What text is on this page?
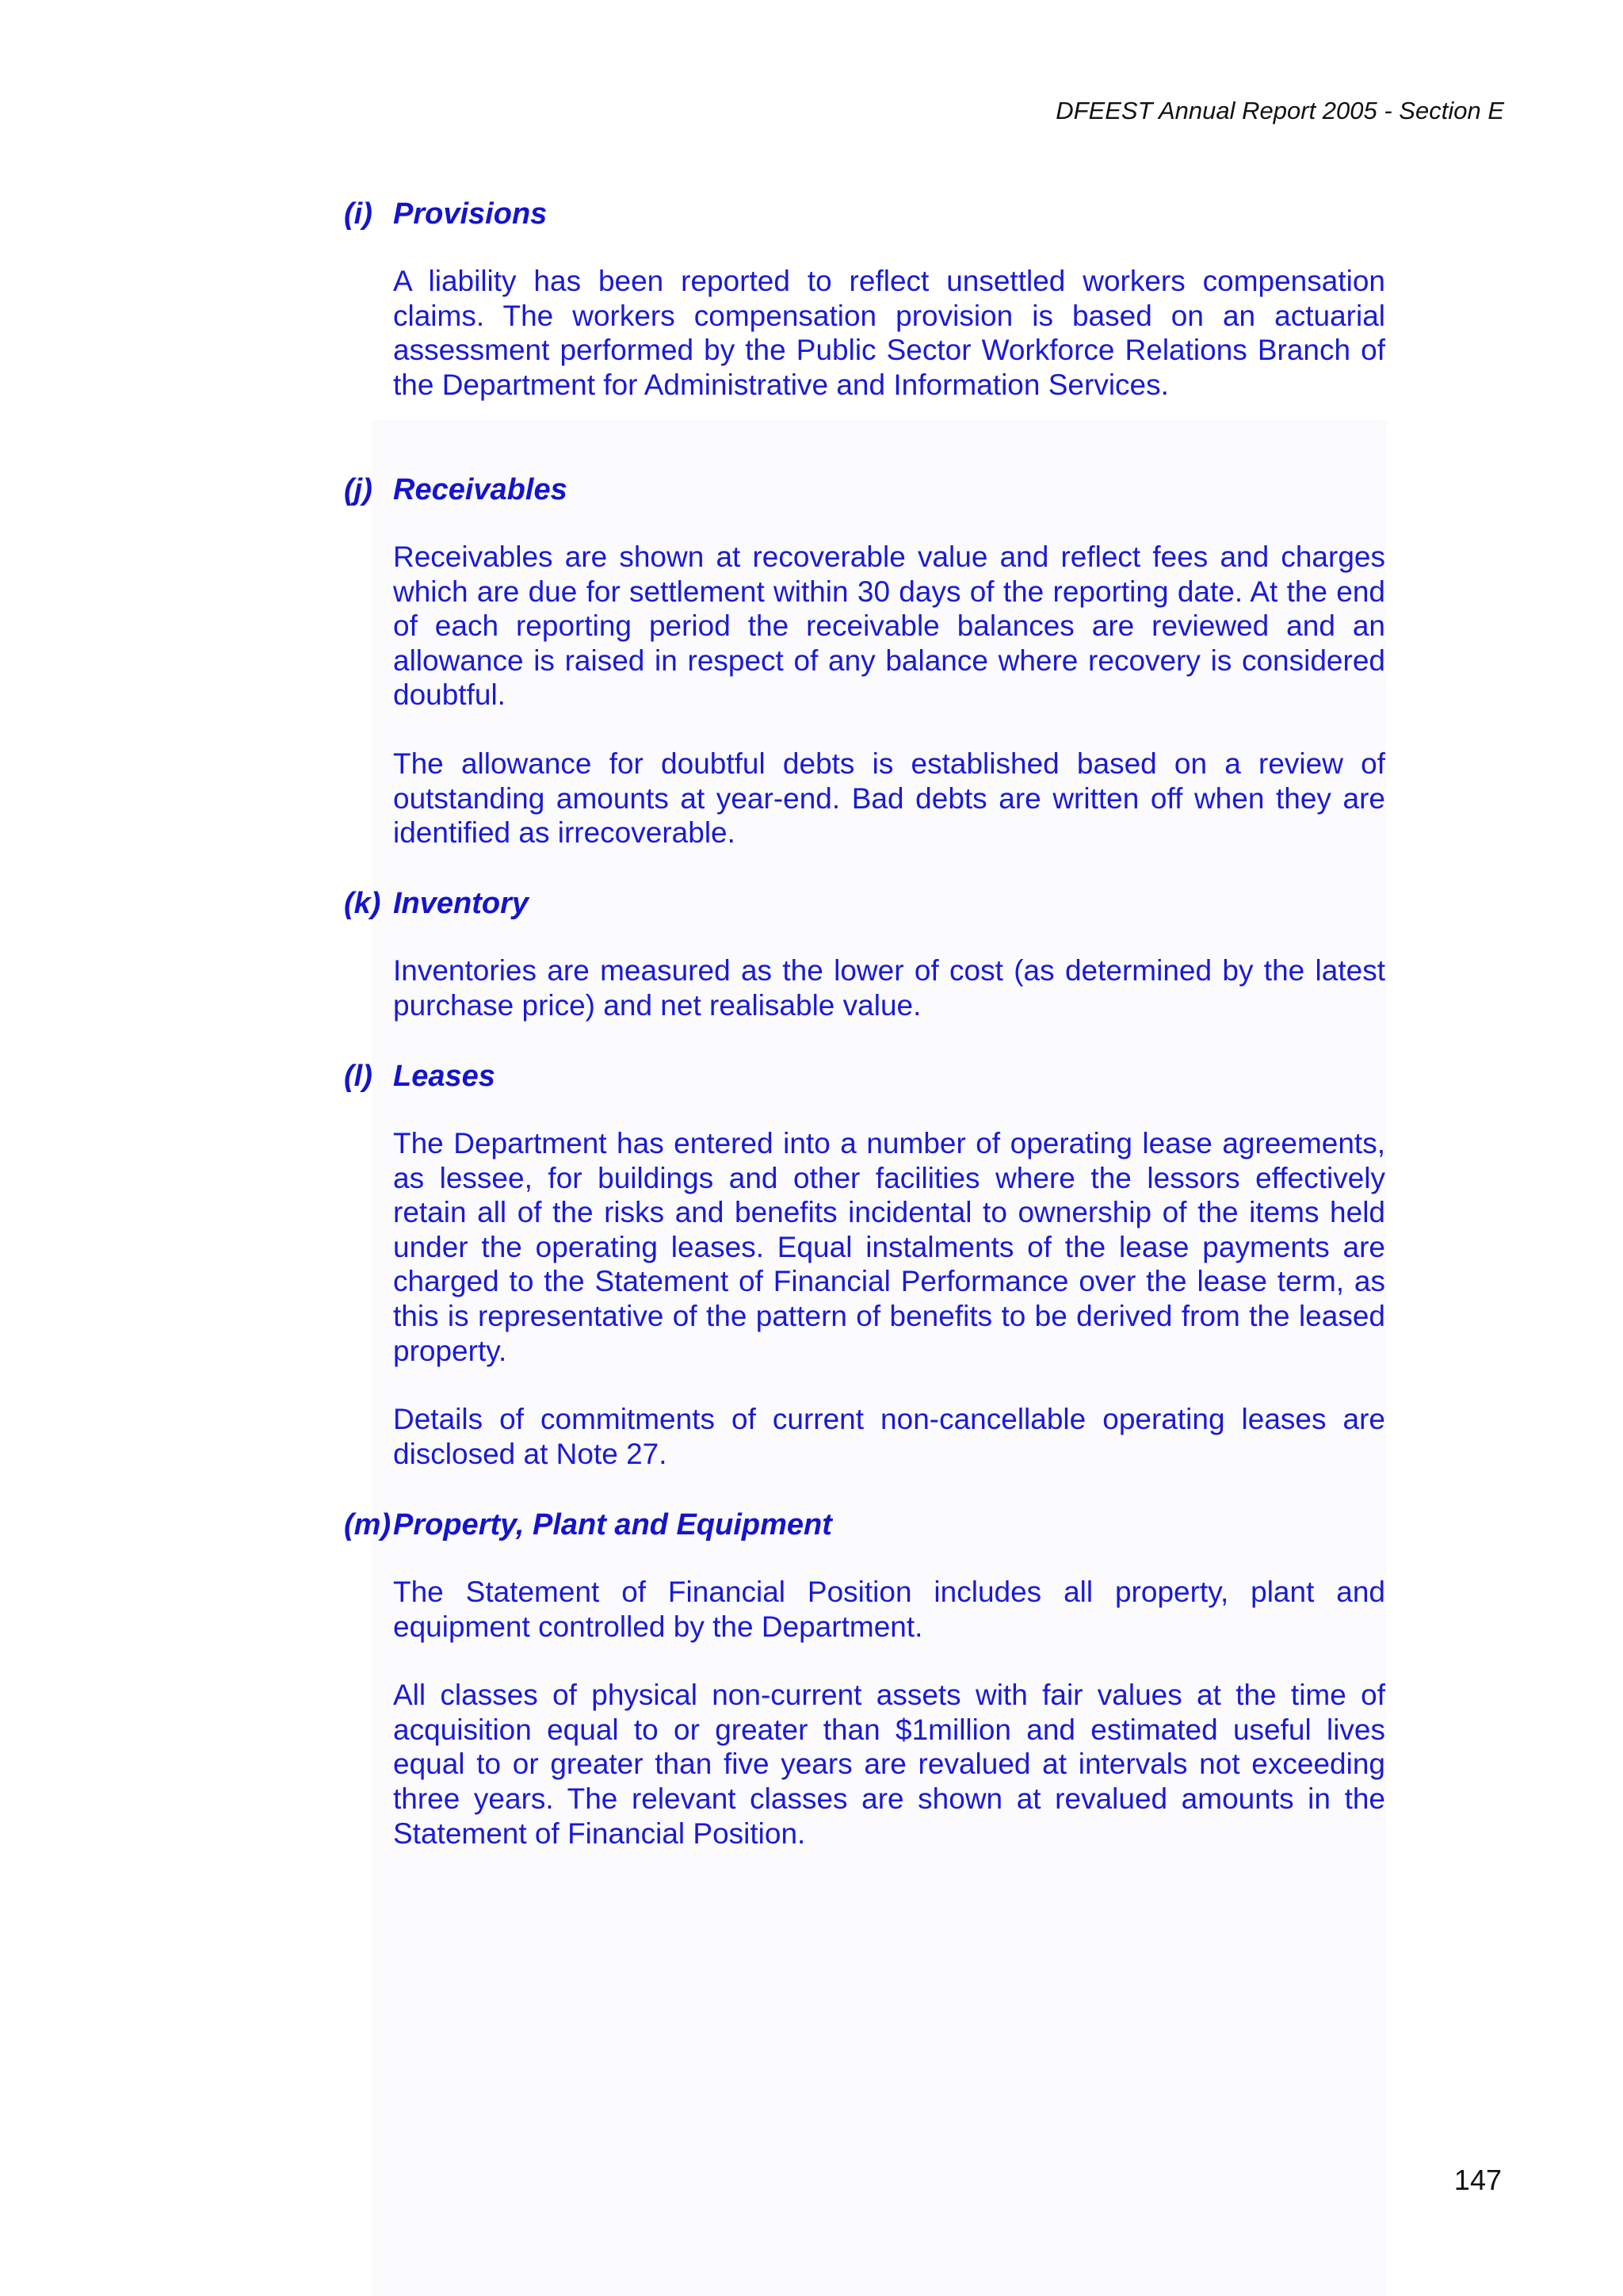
DFEEST Annual Report 2005 - Section E
(i) Provisions
A liability has been reported to reflect unsettled workers compensation claims. The workers compensation provision is based on an actuarial assessment performed by the Public Sector Workforce Relations Branch of the Department for Administrative and Information Services.
(j) Receivables
Receivables are shown at recoverable value and reflect fees and charges which are due for settlement within 30 days of the reporting date. At the end of each reporting period the receivable balances are reviewed and an allowance is raised in respect of any balance where recovery is considered doubtful.
The allowance for doubtful debts is established based on a review of outstanding amounts at year-end. Bad debts are written off when they are identified as irrecoverable.
(k) Inventory
Inventories are measured as the lower of cost (as determined by the latest purchase price) and net realisable value.
(l) Leases
The Department has entered into a number of operating lease agreements, as lessee, for buildings and other facilities where the lessors effectively retain all of the risks and benefits incidental to ownership of the items held under the operating leases. Equal instalments of the lease payments are charged to the Statement of Financial Performance over the lease term, as this is representative of the pattern of benefits to be derived from the leased property.
Details of commitments of current non-cancellable operating leases are disclosed at Note 27.
(m)Property, Plant and Equipment
The Statement of Financial Position includes all property, plant and equipment controlled by the Department.
All classes of physical non-current assets with fair values at the time of acquisition equal to or greater than $1million and estimated useful lives equal to or greater than five years are revalued at intervals not exceeding three years. The relevant classes are shown at revalued amounts in the Statement of Financial Position.
147
